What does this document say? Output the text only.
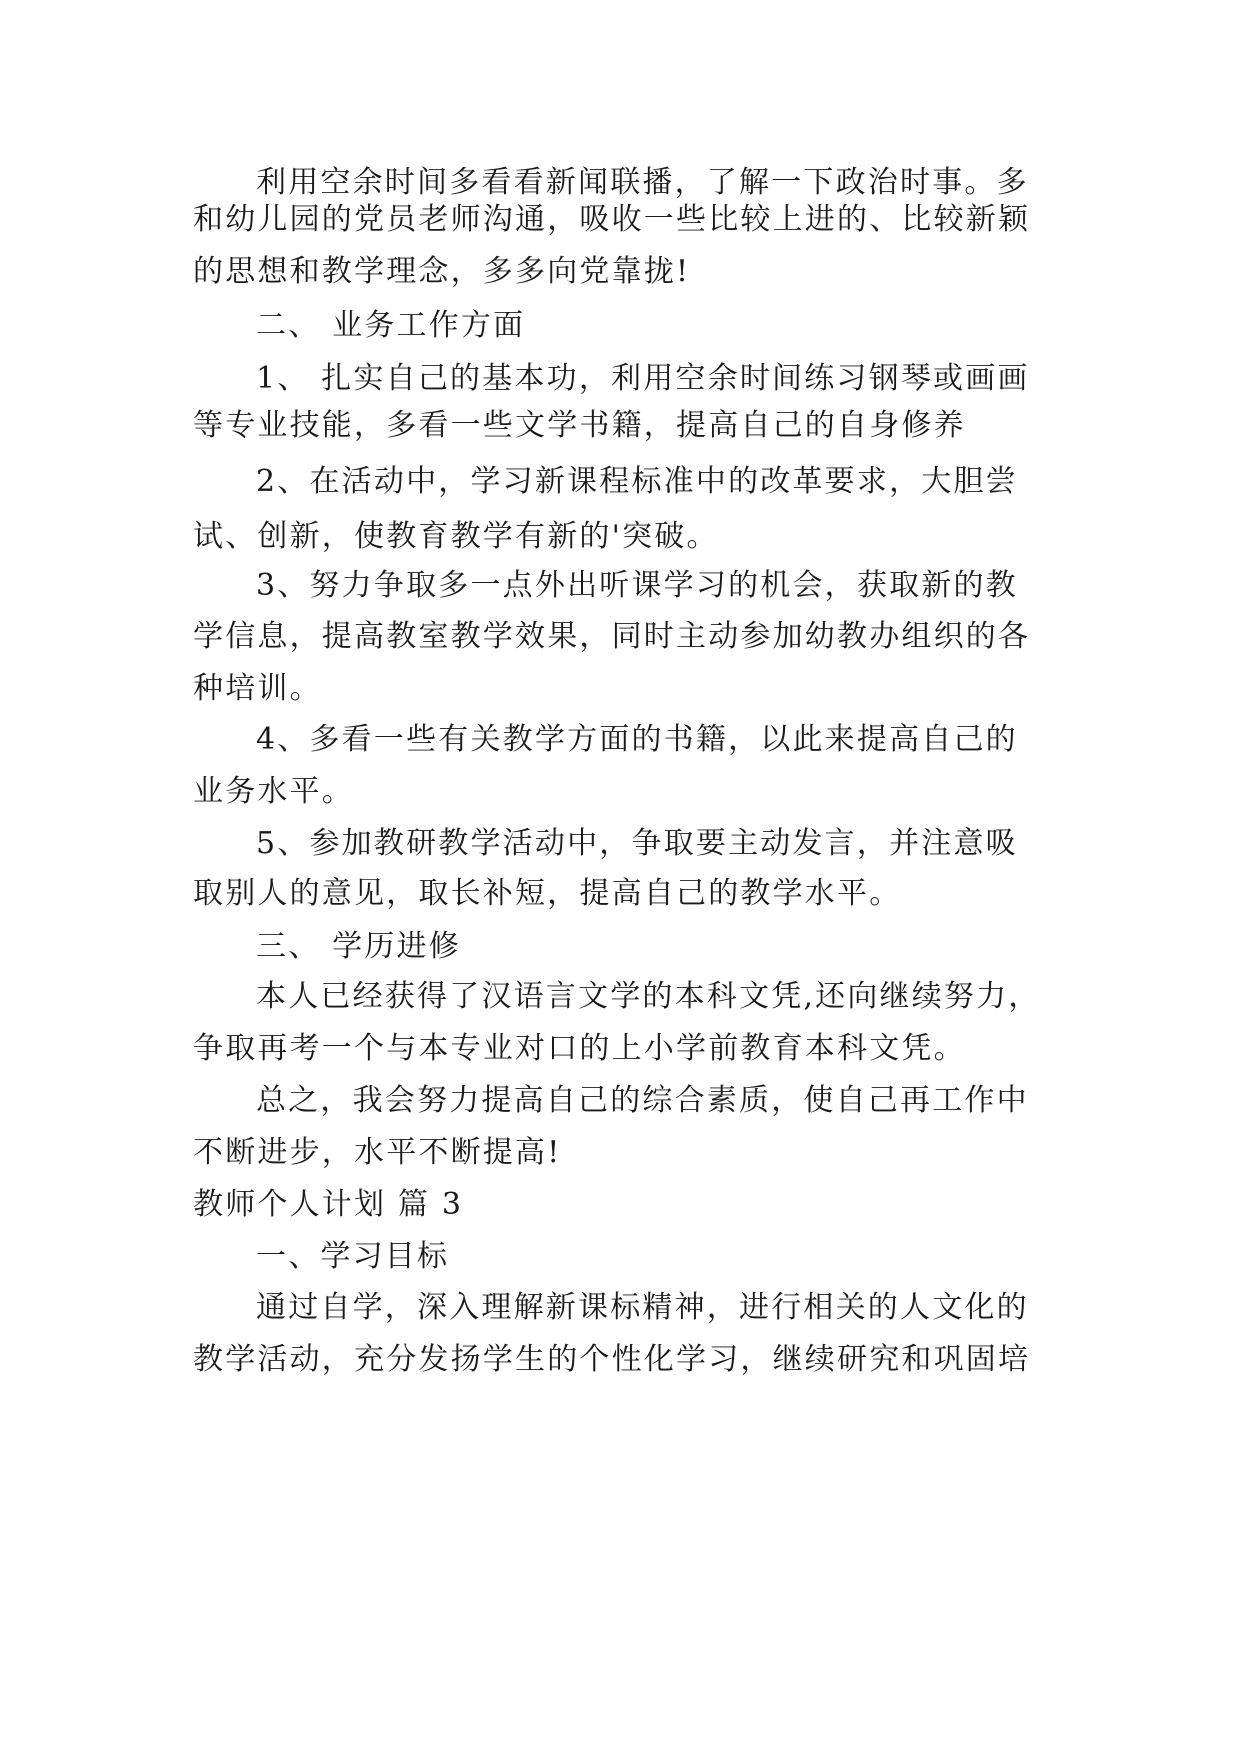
利用空余时间多看看新闻联播，了解一下政治时事。多

和幼儿园的党员老师沟通，吸收一些比较上进的、比较新颖

的思想和教学理念，多多向党靠拢!

二、 业务工作方面

1、 扎实自己的基本功，利用空余时间练习钢琴或画画

等专业技能，多看一些文学书籍，提高自己的自身修养

2、在活动中，学习新课程标准中的改革要求，大胆尝

试、创新，使教育教学有新的'突破。

3、努力争取多一点外出听课学习的机会，获取新的教

学信息，提高教室教学效果，同时主动参加幼教办组织的各

种培训。

4、多看一些有关教学方面的书籍，以此来提高自己的

业务水平。

5、参加教研教学活动中，争取要主动发言，并注意吸

取别人的意见，取长补短，提高自己的教学水平。

三、 学历进修

本人已经获得了汉语言文学的本科文凭,还向继续努力，

争取再考一个与本专业对口的上小学前教育本科文凭。

总之，我会努力提高自己的综合素质，使自己再工作中

不断进步，水平不断提高!

教师个人计划 篇 3

一、学习目标

通过自学，深入理解新课标精神，进行相关的人文化的

教学活动，充分发扬学生的个性化学习，继续研究和巩固培
